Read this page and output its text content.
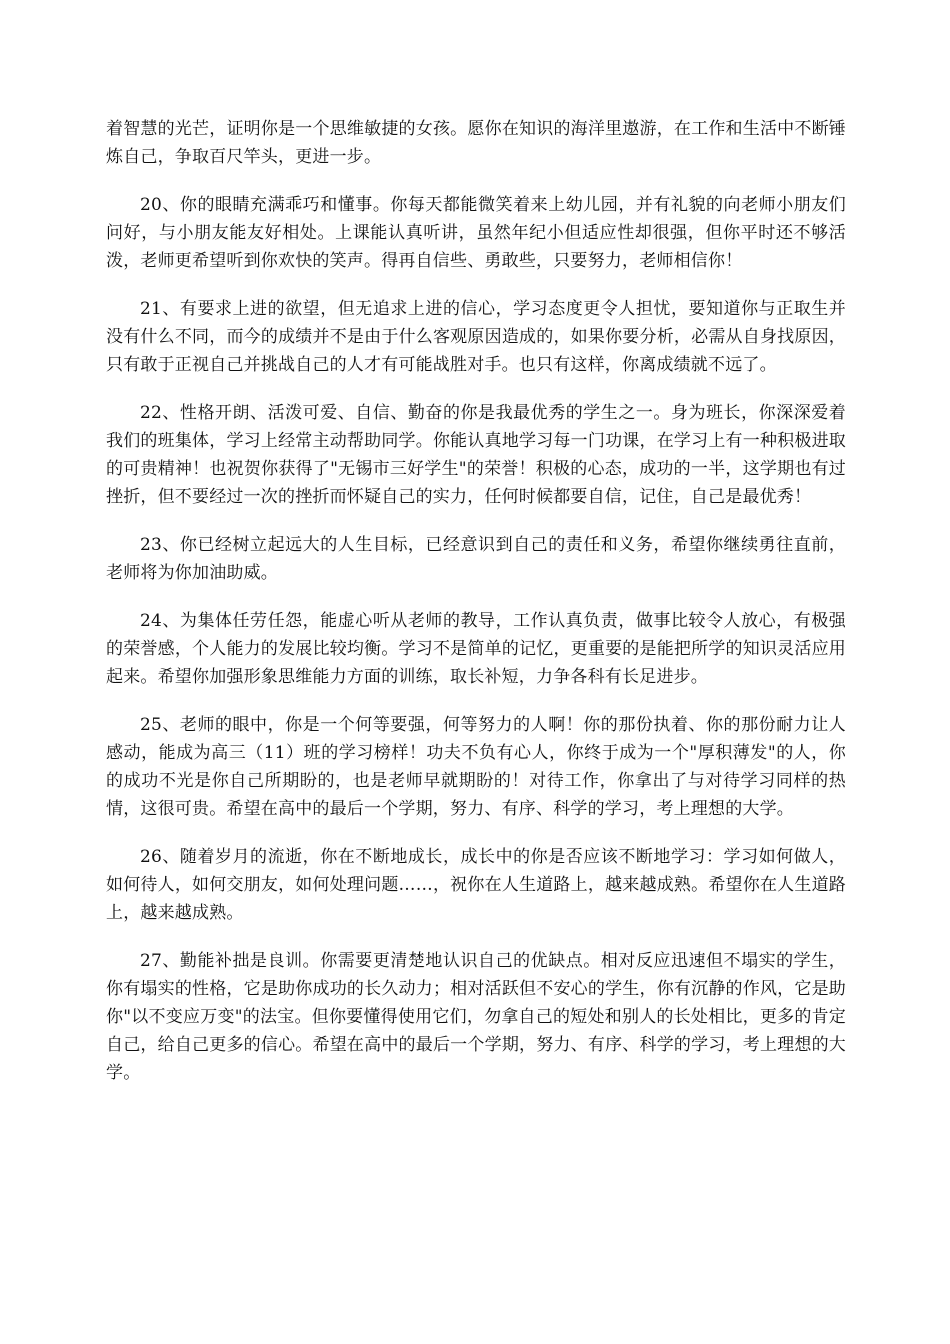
着智慧的光芒，证明你是一个思维敏捷的女孩。愿你在知识的海洋里遨游，在工作和生活中不断锤炼自己，争取百尺竿头，更进一步。

20、你的眼睛充满乖巧和懂事。你每天都能微笑着来上幼儿园，并有礼貌的向老师小朋友们问好，与小朋友能友好相处。上课能认真听讲，虽然年纪小但适应性却很强，但你平时还不够活泼，老师更希望听到你欢快的笑声。得再自信些、勇敢些，只要努力，老师相信你！

21、有要求上进的欲望，但无追求上进的信心，学习态度更令人担忧，要知道你与正取生并没有什么不同，而今的成绩并不是由于什么客观原因造成的，如果你要分析，必需从自身找原因，只有敢于正视自己并挑战自己的人才有可能战胜对手。也只有这样，你离成绩就不远了。

22、性格开朗、活泼可爱、自信、勤奋的你是我最优秀的学生之一。身为班长，你深深爱着我们的班集体，学习上经常主动帮助同学。你能认真地学习每一门功课，在学习上有一种积极进取的可贵精神！也祝贺你获得了"无锡市三好学生"的荣誉！积极的心态，成功的一半，这学期也有过挫折，但不要经过一次的挫折而怀疑自己的实力，任何时候都要自信，记住，自己是最优秀！

23、你已经树立起远大的人生目标，已经意识到自己的责任和义务，希望你继续勇往直前，老师将为你加油助威。

24、为集体任劳任怨，能虚心听从老师的教导，工作认真负责，做事比较令人放心，有极强的荣誉感，个人能力的发展比较均衡。学习不是简单的记忆，更重要的是能把所学的知识灵活应用起来。希望你加强形象思维能力方面的训练，取长补短，力争各科有长足进步。

25、老师的眼中，你是一个何等要强，何等努力的人啊！你的那份执着、你的那份耐力让人感动，能成为高三（11）班的学习榜样！功夫不负有心人，你终于成为一个"厚积薄发"的人，你的成功不光是你自己所期盼的，也是老师早就期盼的！对待工作，你拿出了与对待学习同样的热情，这很可贵。希望在高中的最后一个学期，努力、有序、科学的学习，考上理想的大学。

26、随着岁月的流逝，你在不断地成长，成长中的你是否应该不断地学习：学习如何做人，如何待人，如何交朋友，如何处理问题……，祝你在人生道路上，越来越成熟。希望你在人生道路上，越来越成熟。

27、勤能补拙是良训。你需要更清楚地认识自己的优缺点。相对反应迅速但不塌实的学生，你有塌实的性格，它是助你成功的长久动力；相对活跃但不安心的学生，你有沉静的作风，它是助你"以不变应万变"的法宝。但你要懂得使用它们，勿拿自己的短处和别人的长处相比，更多的肯定自己，给自己更多的信心。希望在高中的最后一个学期，努力、有序、科学的学习，考上理想的大学。
